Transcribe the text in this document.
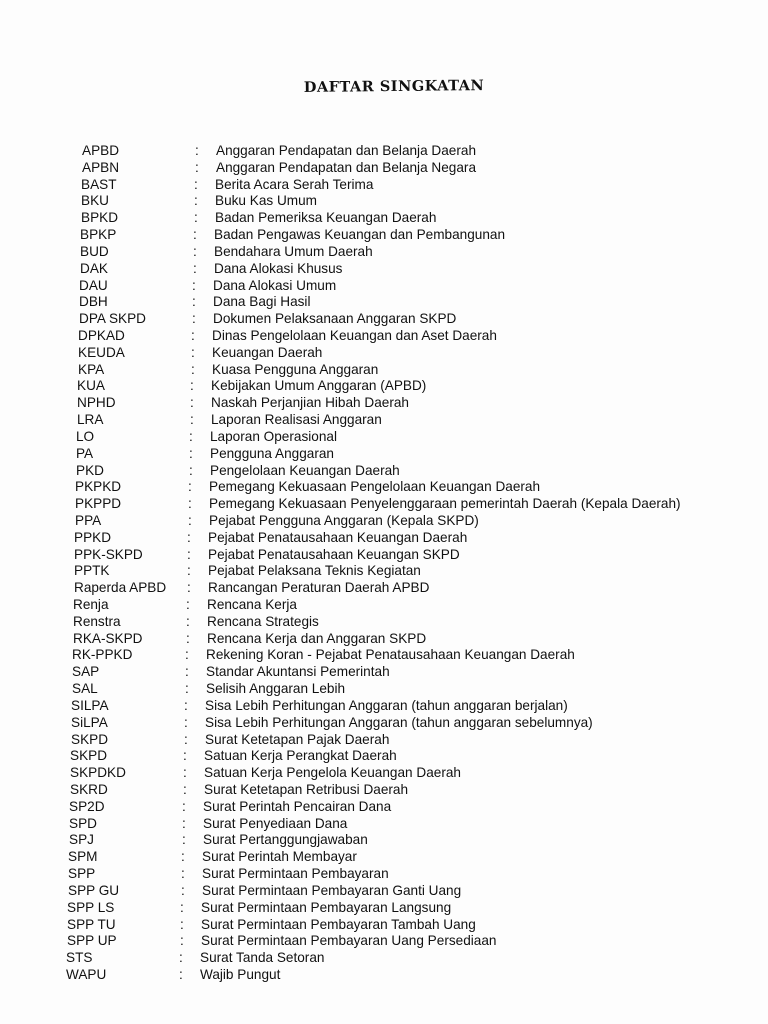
DAFTAR SINGKATAN
APBD	: Anggaran Pendapatan dan Belanja Daerah
APBN	: Anggaran Pendapatan dan Belanja Negara
BAST	: Berita Acara Serah Terima
BKU	: Buku Kas Umum
BPKD	: Badan Pemeriksa Keuangan Daerah
BPKP	: Badan Pengawas Keuangan dan Pembangunan
BUD	: Bendahara Umum Daerah
DAK	: Dana Alokasi Khusus
DAU	: Dana Alokasi Umum
DBH	: Dana Bagi Hasil
DPA SKPD	: Dokumen Pelaksanaan Anggaran SKPD
DPKAD	: Dinas Pengelolaan Keuangan dan Aset Daerah
KEUDA	: Keuangan Daerah
KPA	: Kuasa Pengguna Anggaran
KUA	: Kebijakan Umum Anggaran (APBD)
NPHD	: Naskah Perjanjian Hibah Daerah
LRA	: Laporan Realisasi Anggaran
LO	: Laporan Operasional
PA	: Pengguna Anggaran
PKD	: Pengelolaan Keuangan Daerah
PKPKD	: Pemegang Kekuasaan Pengelolaan Keuangan Daerah
PKPPD	: Pemegang Kekuasaan Penyelenggaraan pemerintah Daerah (Kepala Daerah)
PPA	: Pejabat Pengguna Anggaran (Kepala SKPD)
PPKD	: Pejabat Penatausahaan Keuangan Daerah
PPK-SKPD	: Pejabat Penatausahaan Keuangan SKPD
PPTK	: Pejabat Pelaksana Teknis Kegiatan
Raperda APBD : Rancangan Peraturan Daerah APBD
Renja	: Rencana Kerja
Renstra	: Rencana Strategis
RKA-SKPD	: Rencana Kerja dan Anggaran SKPD
RK-PPKD	: Rekening Koran - Pejabat Penatausahaan Keuangan Daerah
SAP	: Standar Akuntansi Pemerintah
SAL	: Selisih Anggaran Lebih
SILPA	: Sisa Lebih Perhitungan Anggaran (tahun anggaran berjalan)
SiLPA	: Sisa Lebih Perhitungan Anggaran (tahun anggaran sebelumnya)
SKPD	: Surat Ketetapan Pajak Daerah
SKPD	: Satuan Kerja Perangkat Daerah
SKPDKD	: Satuan Kerja Pengelola Keuangan Daerah
SKRD	: Surat Ketetapan Retribusi Daerah
SP2D	: Surat Perintah Pencairan Dana
SPD	: Surat Penyediaan Dana
SPJ	: Surat Pertanggungjawaban
SPM	: Surat Perintah Membayar
SPP	: Surat Permintaan Pembayaran
SPP GU	: Surat Permintaan Pembayaran Ganti Uang
SPP LS	: Surat Permintaan Pembayaran Langsung
SPP TU	: Surat Permintaan Pembayaran Tambah Uang
SPP UP	: Surat Permintaan Pembayaran Uang Persediaan
STS	: Surat Tanda Setoran
WAPU	: Wajib Pungut
